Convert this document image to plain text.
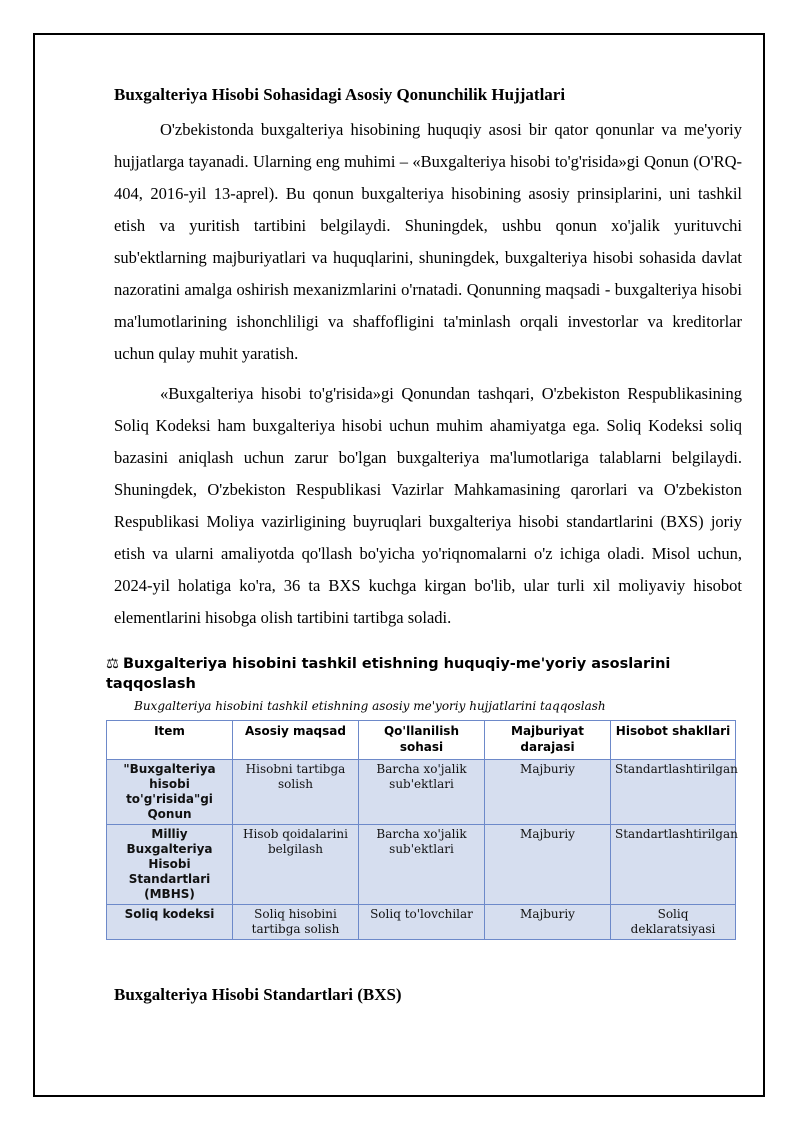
Buxgalteriya Hisobi Sohasidagi Asosiy Qonunchilik Hujjatlari

O'zbekistonda buxgalteriya hisobining huquqiy asosi bir qator qonunlar va me'yoriy hujjatlarga tayanadi. Ularning eng muhimi – «Buxgalteriya hisobi to'g'risida»gi Qonun (O'RQ-404, 2016-yil 13-aprel). Bu qonun buxgalteriya hisobining asosiy prinsiplarini, uni tashkil etish va yuritish tartibini belgilaydi. Shuningdek, ushbu qonun xo'jalik yurituvchi sub'ektlarning majburiyatlari va huquqlarini, shuningdek, buxgalteriya hisobi sohasida davlat nazoratini amalga oshirish mexanizmlarini o'rnatadi. Qonunning maqsadi - buxgalteriya hisobi ma'lumotlarining ishonchliligi va shaffofligini ta'minlash orqali investorlar va kreditorlar uchun qulay muhit yaratish.

«Buxgalteriya hisobi to'g'risida»gi Qonundan tashqari, O'zbekiston Respublikasining Soliq Kodeksi ham buxgalteriya hisobi uchun muhim ahamiyatga ega. Soliq Kodeksi soliq bazasini aniqlash uchun zarur bo'lgan buxgalteriya ma'lumotlariga talablarni belgilaydi. Shuningdek, O'zbekiston Respublikasi Vazirlar Mahkamasining qarorlari va O'zbekiston Respublikasi Moliya vazirligining buyruqlari buxgalteriya hisobi standartlarini (BXS) joriy etish va ularni amaliyotda qo'llash bo'yicha yo'riqnomalarni o'z ichiga oladi. Misol uchun, 2024-yil holatiga ko'ra, 36 ta BXS kuchga kirgan bo'lib, ular turli xil moliyaviy hisobot elementlarini hisobga olish tartibini tartibga soladi.

⚖ Buxgalteriya hisobini tashkil etishning huquqiy-me'yoriy asoslarini taqqoslash
Buxgalteriya hisobini tashkil etishning asosiy me'yoriy hujjatlarini taqqoslash
Item	Asosiy maqsad	Qo'llanilish sohasi	Majburiyat darajasi	Hisobot shakllari
"Buxgalteriya hisobi to'g'risida"gi Qonun	Hisobni tartibga solish	Barcha xo'jalik sub'ektlari	Majburiy	Standartlashtirilgan
Milliy Buxgalteriya Hisobi Standartlari (MBHS)	Hisob qoidalarini belgilash	Barcha xo'jalik sub'ektlari	Majburiy	Standartlashtirilgan
Soliq kodeksi	Soliq hisobini tartibga solish	Soliq to'lovchilar	Majburiy	Soliq deklaratsiyasi
Buxgalteriya Hisobi Standartlari (BXS)
